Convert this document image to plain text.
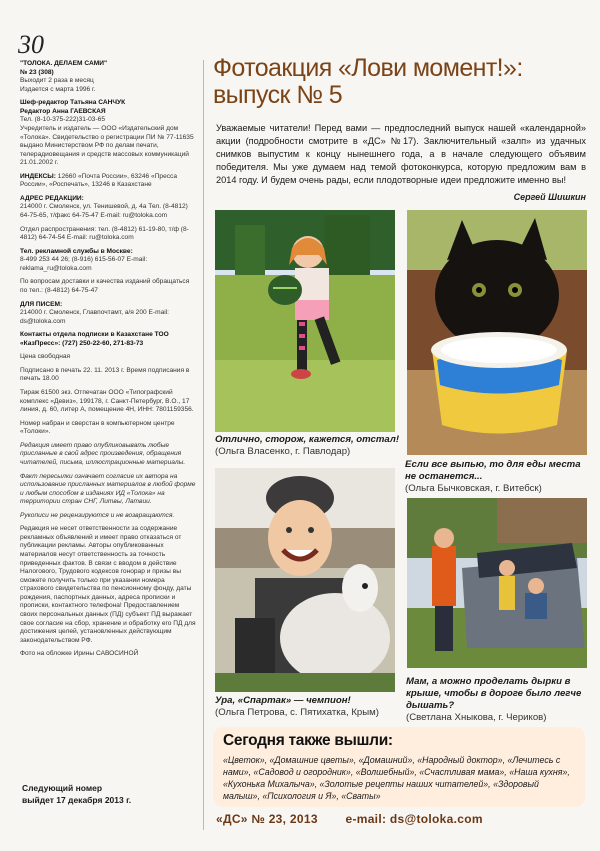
30

"ТОЛОКА. ДЕЛАЕМ САМИ"
№ 23 (308)
Выходит 2 раза в месяц
Издается с марта 1996 г.

Шеф-редактор Татьяна САНЧУК
Редактор Анна ГАЕВСКАЯ
Тел. (8-10-375-222)31-03-65
Учредитель и издатель — ООО «Издательский дом «Толока». Свидетельство о регистрации ПИ № 77-11635 выдано Министерством РФ по делам печати, телерадиовещания и средств массовых коммуникаций 21.01.2002 г.

ИНДЕКСЫ: 12660 «Почта России», 63246 «Пресса России», «Роспечать», 13246 в Казахстане

АДРЕС РЕДАКЦИИ:
214000 г. Смоленск, ул. Тенишевой, д. 4а Тел. (8-4812) 64-75-65, т/факс 64-75-47 E-mail: ru@toloka.com

Отдел распространения: тел. (8-4812) 61-19-80, т/ф (8-4812) 64-74-54 E-mail: ru@toloka.com

Тел. рекламной службы в Москве:
8-499 253 44 26; (8-916) 615-56-07 E-mail: reklama_ru@toloka.com

По вопросам доставки и качества изданий обращаться по тел.: (8-4812) 64-75-47

ДЛЯ ПИСЕМ:
214000 г. Смоленск, Главпочтамт, а/я 200 E-mail: ds@toloka.com

Контакты отдела подписки в Казахстане ТОО «КазПресс»: (727) 250-22-60, 271-83-73

Цена свободная

Подписано в печать 22. 11. 2013 г. Время подписания в печать 18.00

Тираж 61500 экз. Отпечатан ООО «Типографский комплекс «Девиз», 199178, г. Санкт-Петербург, В.О., 17 линия, д. 60, литер А, помещение 4Н, ИНН: 7801159356.

Номер набран и сверстан в компьютерном центре «Толоки».

Редакция имеет право опубликовывать любые присланные в свой адрес произведения, обращения читателей, письма, иллюстрационные материалы.

Факт пересылки означает согласие их автора на использование присланных материалов в любой форме и любым способом в изданиях ИД «Толока» на территории стран СНГ, Литвы, Латвии.

Рукописи не рецензируются и не возвращаются.

Редакция не несет ответственности за содержание рекламных объявлений и имеет право отказаться от публикации рекламы. Авторы опубликованных материалов несут ответственность за точность приведенных фактов. В связи с вводом в действие Налогового, Трудового кодексов гонорар и призы вы сможете получить только при указании номера страхового свидетельства по пенсионному фонду, даты рождения, паспортных данных, адреса прописки и прописки, контактного телефона! Предоставлением своих персональных данных (ПД) субъект ПД выражает свое согласие на сбор, хранение и обработку его ПД для достижения целей, установленных действующим законодательством РФ.

Фото на обложке Ирины САВОСИНОЙ

Следующий номер
выйдет 17 декабря 2013 г.
Фотоакция «Лови момент!»: выпуск № 5

Уважаемые читатели! Перед вами — предпоследний выпуск нашей «календарной» акции (подробности смотрите в «ДС» №17). Заключительный «залп» из удачных снимков выпустим к концу нынешнего года, а в начале следующего объявим победителя. Мы уже думаем над темой фотоконкурса, которую предложим вам в 2014 году. И будем очень рады, если плодотворные идеи предложите именно вы!

Сергей Шишкин
Отлично, сторож, кажется, отстал!
(Ольга Власенко, г. Павлодар)
Если все выпью, то для еды места не останется...
(Ольга Бычковская, г. Витебск)
Ура, «Спартак» — чемпион!
(Ольга Петрова, с. Пятихатка, Крым)
Мам, а можно проделать дырки в крыше, чтобы в дороге было легче дышать?
(Светлана Хныкова, г. Чериков)
Сегодня также вышли:

«Цветок», «Домашние цветы», «Домашний», «Народный доктор», «Лечитесь с нами», «Садовод и огородник», «Волшебный», «Счастливая мама», «Наша кухня», «Кухонька Михалыча», «Золотые рецепты наших читателей», «Здоровый малыш», «Психология и Я», «Сваты»

«ДС» № 23, 2013 e-mail: ds@toloka.com
